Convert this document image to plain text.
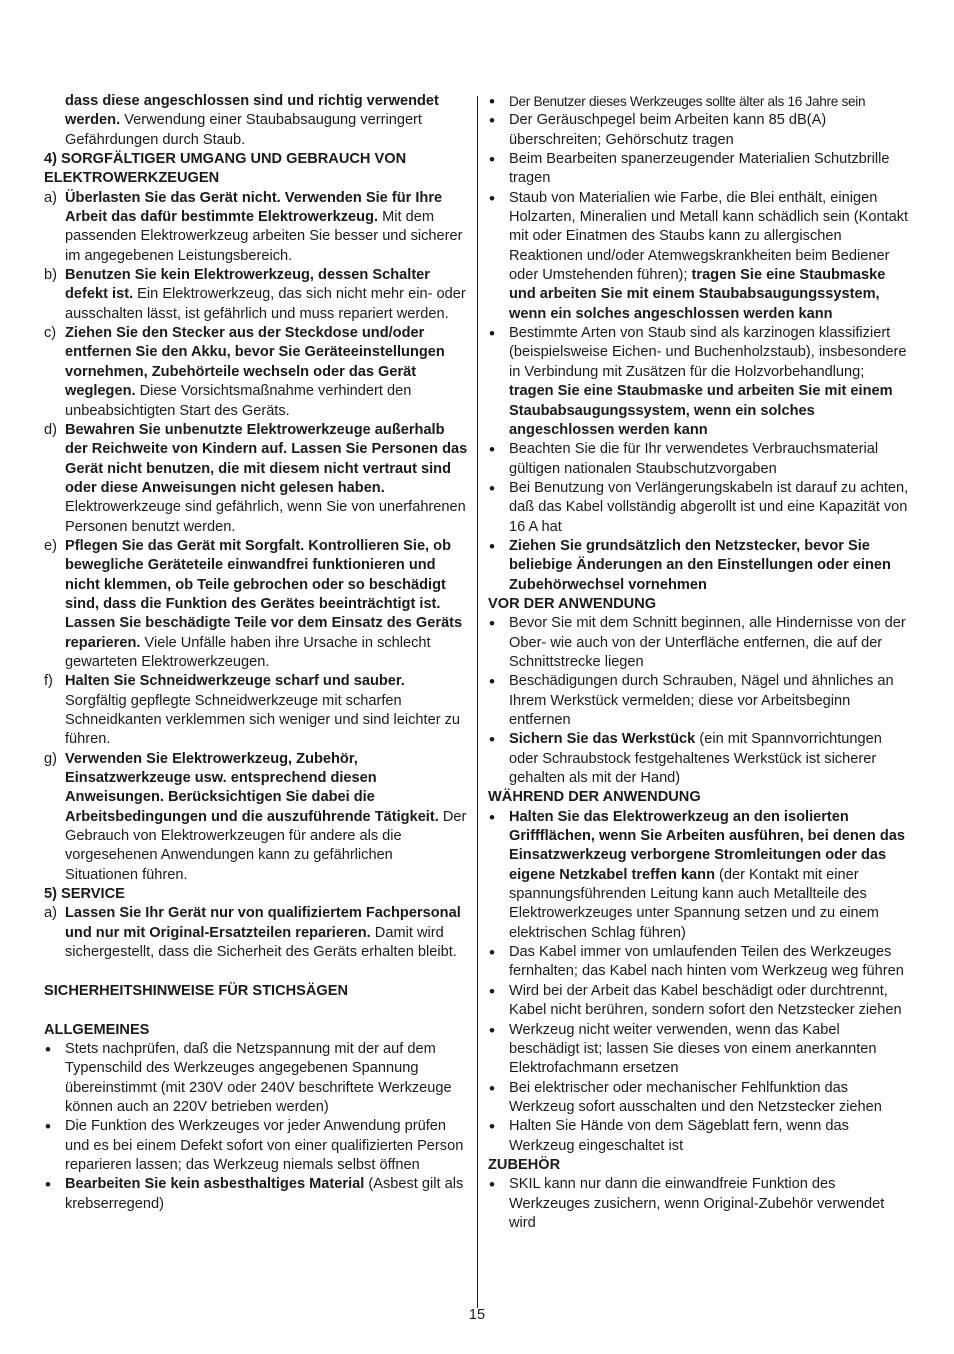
dass diese angeschlossen sind und richtig verwendet werden. Verwendung einer Staubabsaugung verringert Gefährdungen durch Staub.

4) SORGFÄLTIGER UMGANG UND GEBRAUCH VON ELEKTROWERKZEUGEN

a) Überlasten Sie das Gerät nicht. Verwenden Sie für Ihre Arbeit das dafür bestimmte Elektrowerkzeug. Mit dem passenden Elektrowerkzeug arbeiten Sie besser und sicherer im angegebenen Leistungsbereich.

b) Benutzen Sie kein Elektrowerkzeug, dessen Schalter defekt ist. Ein Elektrowerkzeug, das sich nicht mehr ein- oder ausschalten lässt, ist gefährlich und muss repariert werden.

c) Ziehen Sie den Stecker aus der Steckdose und/oder entfernen Sie den Akku, bevor Sie Geräteeinstellungen vornehmen, Zubehörteile wechseln oder das Gerät weglegen. Diese Vorsichtsmaßnahme verhindert den unbeabsichtigten Start des Geräts.

d) Bewahren Sie unbenutzte Elektrowerkzeuge außerhalb der Reichweite von Kindern auf. Lassen Sie Personen das Gerät nicht benutzen, die mit diesem nicht vertraut sind oder diese Anweisungen nicht gelesen haben. Elektrowerkzeuge sind gefährlich, wenn Sie von unerfahrenen Personen benutzt werden.

e) Pflegen Sie das Gerät mit Sorgfalt. Kontrollieren Sie, ob bewegliche Geräteteile einwandfrei funktionieren und nicht klemmen, ob Teile gebrochen oder so beschädigt sind, dass die Funktion des Gerätes beeinträchtigt ist. Lassen Sie beschädigte Teile vor dem Einsatz des Geräts reparieren. Viele Unfälle haben ihre Ursache in schlecht gewarteten Elektrowerkzeugen.

f) Halten Sie Schneidwerkzeuge scharf und sauber. Sorgfältig gepflegte Schneidwerkzeuge mit scharfen Schneidkanten verklemmen sich weniger und sind leichter zu führen.

g) Verwenden Sie Elektrowerkzeug, Zubehör, Einsatzwerkzeuge usw. entsprechend diesen Anweisungen. Berücksichtigen Sie dabei die Arbeitsbedingungen und die auszuführende Tätigkeit. Der Gebrauch von Elektrowerkzeugen für andere als die vorgesehenen Anwendungen kann zu gefährlichen Situationen führen.

5) SERVICE

a) Lassen Sie Ihr Gerät nur von qualifiziertem Fachpersonal und nur mit Original-Ersatzteilen reparieren. Damit wird sichergestellt, dass die Sicherheit des Geräts erhalten bleibt.

SICHERHEITSHINWEISE FÜR STICHSÄGEN

ALLGEMEINES

• Stets nachprüfen, daß die Netzspannung mit der auf dem Typenschild des Werkzeuges angegebenen Spannung übereinstimmt (mit 230V oder 240V beschriftete Werkzeuge können auch an 220V betrieben werden)

• Die Funktion des Werkzeuges vor jeder Anwendung prüfen und es bei einem Defekt sofort von einer qualifizierten Person reparieren lassen; das Werkzeug niemals selbst öffnen

• Bearbeiten Sie kein asbesthaltiges Material (Asbest gilt als krebserregend)

• Der Benutzer dieses Werkzeuges sollte älter als 16 Jahre sein

• Der Geräuschpegel beim Arbeiten kann 85 dB(A) überschreiten; Gehörschutz tragen

• Beim Bearbeiten spanerzeugender Materialien Schutzbrille tragen

• Staub von Materialien wie Farbe, die Blei enthält, einigen Holzarten, Mineralien und Metall kann schädlich sein (Kontakt mit oder Einatmen des Staubs kann zu allergischen Reaktionen und/oder Atemwegskrankheiten beim Bediener oder Umstehenden führen); tragen Sie eine Staubmaske und arbeiten Sie mit einem Staubabsaugungssystem, wenn ein solches angeschlossen werden kann

• Bestimmte Arten von Staub sind als karzinogen klassifiziert (beispielsweise Eichen- und Buchenholzstaub), insbesondere in Verbindung mit Zusätzen für die Holzvorbehandlung; tragen Sie eine Staubmaske und arbeiten Sie mit einem Staubabsaugungssystem, wenn ein solches angeschlossen werden kann

• Beachten Sie die für Ihr verwendetes Verbrauchsmaterial gültigen nationalen Staubschutzvorgaben

• Bei Benutzung von Verlängerungskabeln ist darauf zu achten, daß das Kabel vollständig abgerollt ist und eine Kapazität von 16 A hat

• Ziehen Sie grundsätzlich den Netzstecker, bevor Sie beliebige Änderungen an den Einstellungen oder einen Zubehörwechsel vornehmen

VOR DER ANWENDUNG

• Bevor Sie mit dem Schnitt beginnen, alle Hindernisse von der Ober- wie auch von der Unterfläche entfernen, die auf der Schnittstrecke liegen

• Beschädigungen durch Schrauben, Nägel und ähnliches an Ihrem Werkstück vermelden; diese vor Arbeitsbeginn entfernen

• Sichern Sie das Werkstück (ein mit Spannvorrichtungen oder Schraubstock festgehaltenes Werkstück ist sicherer gehalten als mit der Hand)

WÄHREND DER ANWENDUNG

• Halten Sie das Elektrowerkzeug an den isolierten Griffflächen, wenn Sie Arbeiten ausführen, bei denen das Einsatzwerkzeug verborgene Stromleitungen oder das eigene Netzkabel treffen kann (der Kontakt mit einer spannungsführenden Leitung kann auch Metallteile des Elektrowerkzeuges unter Spannung setzen und zu einem elektrischen Schlag führen)

• Das Kabel immer von umlaufenden Teilen des Werkzeuges fernhalten; das Kabel nach hinten vom Werkzeug weg führen

• Wird bei der Arbeit das Kabel beschädigt oder durchtrennt, Kabel nicht berühren, sondern sofort den Netzstecker ziehen

• Werkzeug nicht weiter verwenden, wenn das Kabel beschädigt ist; lassen Sie dieses von einem anerkannten Elektrofachmann ersetzen

• Bei elektrischer oder mechanischer Fehlfunktion das Werkzeug sofort ausschalten und den Netzstecker ziehen

• Halten Sie Hände von dem Sägeblatt fern, wenn das Werkzeug eingeschaltet ist

ZUBEHÖR

• SKIL kann nur dann die einwandfreie Funktion des Werkzeuges zusichern, wenn Original-Zubehör verwendet wird

15
